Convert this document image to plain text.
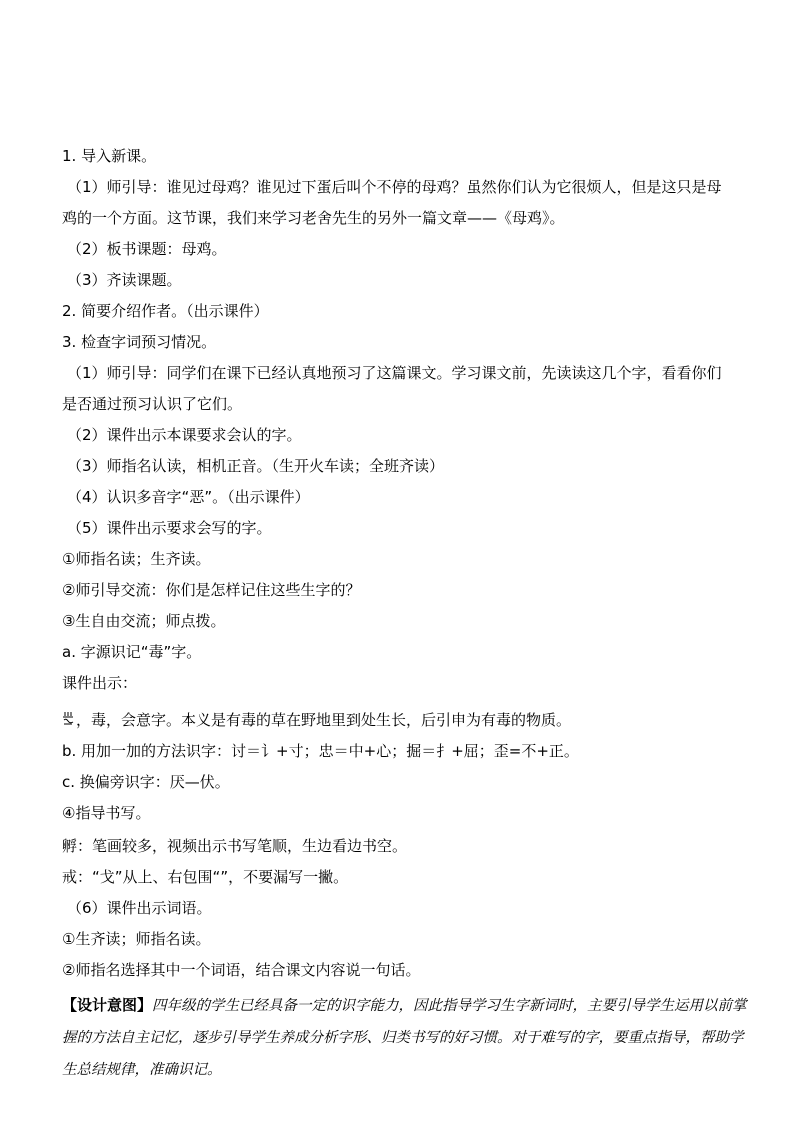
1. 导入新课。
（1）师引导：谁见过母鸡？谁见过下蛋后叫个不停的母鸡？虽然你们认为它很烦人，但是这只是母
鸡的一个方面。这节课，我们来学习老舍先生的另外一篇文章——《母鸡》。
（2）板书课题：母鸡。
（3）齐读课题。
2. 简要介绍作者。（出示课件）
3. 检查字词预习情况。
（1）师引导：同学们在课下已经认真地预习了这篇课文。学习课文前，先读读这几个字，看看你们
是否通过预习认识了它们。
（2）课件出示本课要求会认的字。
（3）师指名认读，相机正音。（生开火车读；全班齐读）
（4）认识多音字“恶”。（出示课件）
（5）课件出示要求会写的字。
①师指名读；生齐读。
②师引导交流：你们是怎样记住这些生字的？
③生自由交流；师点拨。
a. 字源识记“毒”字。
课件出示：
，毒，会意字。本义是有毒的草在野地里到处生长，后引申为有毒的物质。
b. 用加一加的方法识字：讨＝讠+寸；忠＝中+心；掘＝扌+屈；歪=不+正。
c. 换偏旁识字：厌—伏。
④指导书写。
孵：笔画较多，视频出示书写笔顺，生边看边书空。
戒：“戈”从上、右包围“”，不要漏写一撇。
（6）课件出示词语。
①生齐读；师指名读。
②师指名选择其中一个词语，结合课文内容说一句话。
【设计意图】四年级的学生已经具备一定的识字能力，因此指导学习生字新词时，主要引导学生运用以前掌握的方法自主记忆，逐步引导学生养成分析字形、归类书写的好习惯。对于难写的字，要重点指导，帮助学生总结规律，准确识记。
